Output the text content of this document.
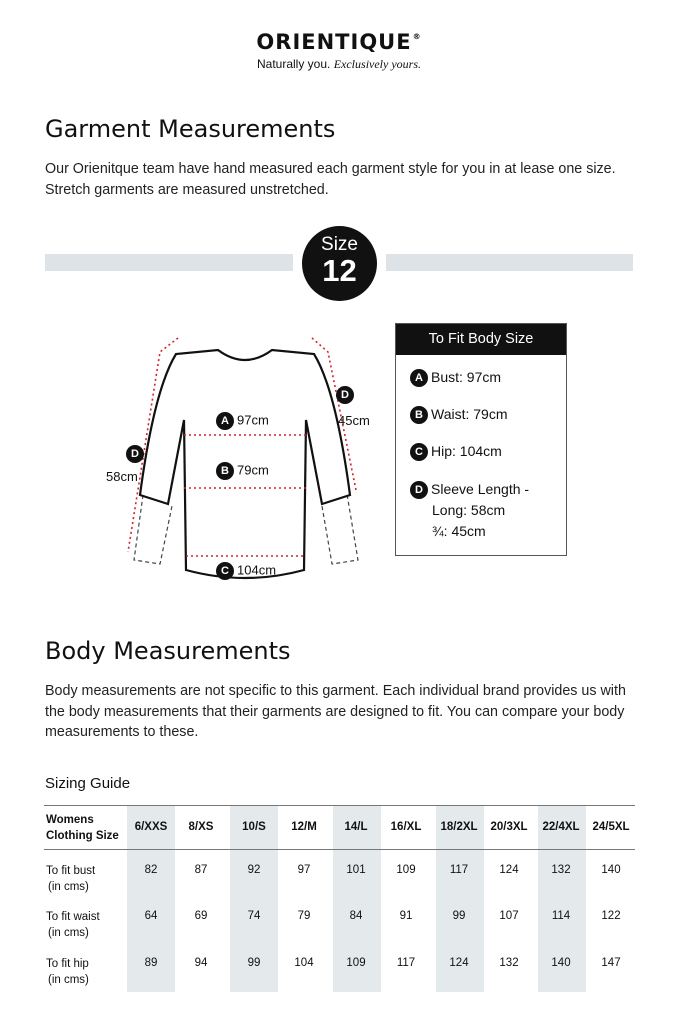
ORIENTIQUE®
Naturally you. Exclusively yours.
Garment Measurements

Our Orienitque team have hand measured each garment style for you in at lease one size.
Stretch garments are measured unstretched.

Size
12
A 97cm
B 79cm
C 104cm
D
58cm
D
45cm
To Fit Body Size
A Bust: 97cm
B Waist: 79cm
C Hip: 104cm
D Sleeve Length -
Long: 58cm
¾: 45cm
Body Measurements

Body measurements are not specific to this garment. Each individual brand provides us with
the body measurements that their garments are designed to fit. You can compare your body
measurements to these.

Sizing Guide
Womens
Clothing Size
6/XXS	8/XS	10/S	12/M	14/L	16/XL	18/2XL	20/3XL	22/4XL	24/5XL
To fit bust
(in cms)
82	87	92	97	101	109	117	124	132	140
To fit waist
(in cms)
64	69	74	79	84	91	99	107	114	122
To fit hip
(in cms)
89	94	99	104	109	117	124	132	140	147
